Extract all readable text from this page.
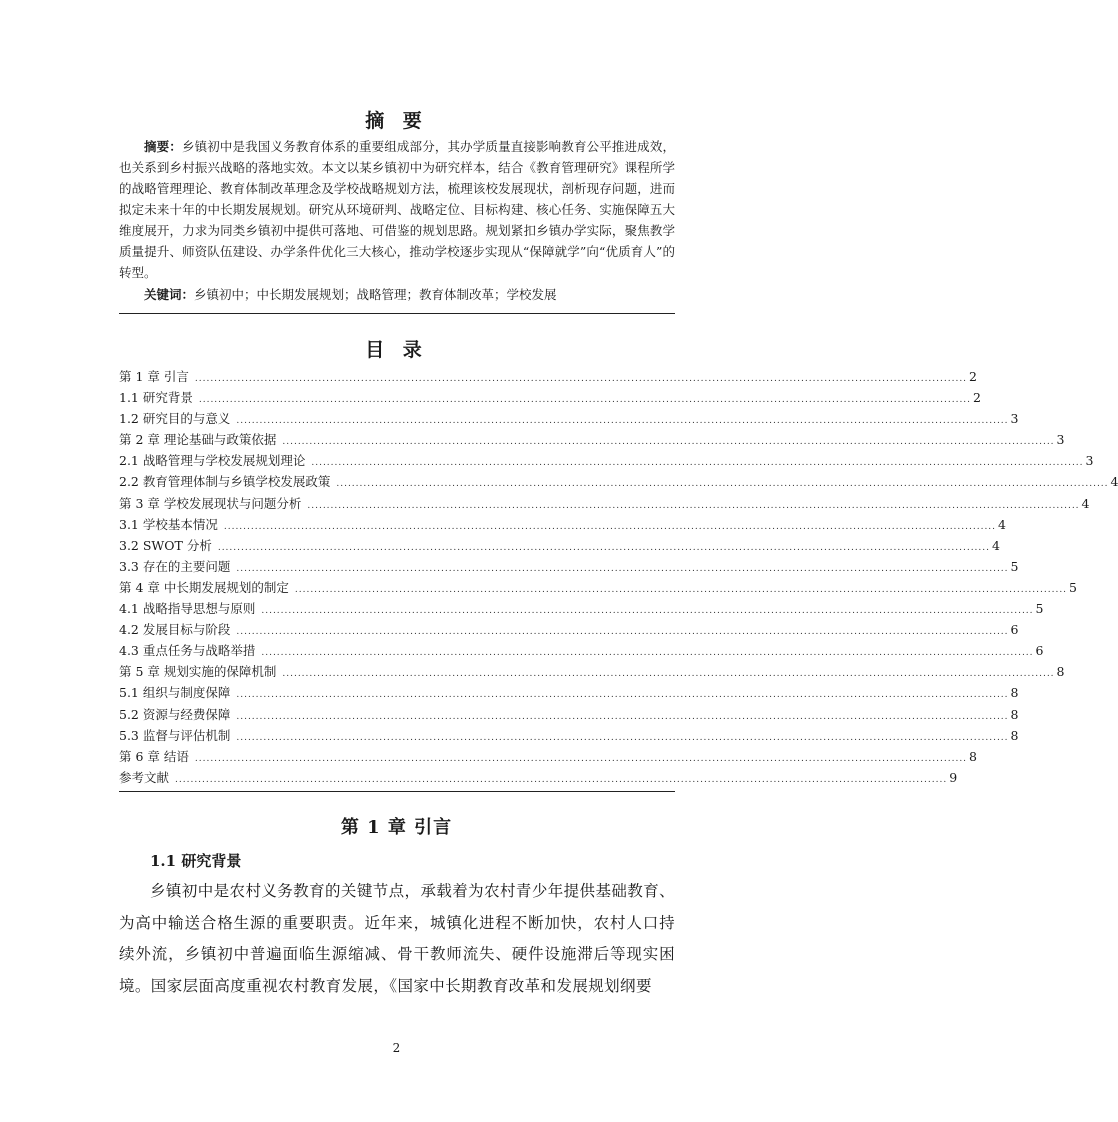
摘 要

摘要：乡镇初中是我国义务教育体系的重要组成部分，其办学质量直接影响教育公平推进成效，也关系到乡村振兴战略的落地实效。本文以某乡镇初中为研究样本，结合《教育管理研究》课程所学的战略管理理论、教育体制改革理念及学校战略规划方法，梳理该校发展现状，剖析现存问题，进而拟定未来十年的中长期发展规划。研究从环境研判、战略定位、目标构建、核心任务、实施保障五大维度展开，力求为同类乡镇初中提供可落地、可借鉴的规划思路。规划紧扣乡镇办学实际，聚焦教学质量提升、师资队伍建设、办学条件优化三大核心，推动学校逐步实现从“保障就学”向“优质育人”的转型。

关键词：乡镇初中；中长期发展规划；战略管理；教育体制改革；学校发展
目 录
第 1 章 引言 ........................................................................................................................................................................................................ 2
1.1 研究背景 ........................................................................................................................................................................................................ 2
1.2 研究目的与意义 ........................................................................................................................................................................................................ 3
第 2 章 理论基础与政策依据 ........................................................................................................................................................................................................ 3
2.1 战略管理与学校发展规划理论 ........................................................................................................................................................................................................ 3
2.2 教育管理体制与乡镇学校发展政策 ........................................................................................................................................................................................................ 4
第 3 章 学校发展现状与问题分析 ........................................................................................................................................................................................................ 4
3.1 学校基本情况 ........................................................................................................................................................................................................ 4
3.2 SWOT 分析 ........................................................................................................................................................................................................ 4
3.3 存在的主要问题 ........................................................................................................................................................................................................ 5
第 4 章 中长期发展规划的制定 ........................................................................................................................................................................................................ 5
4.1 战略指导思想与原则 ........................................................................................................................................................................................................ 5
4.2 发展目标与阶段 ........................................................................................................................................................................................................ 6
4.3 重点任务与战略举措 ........................................................................................................................................................................................................ 6
第 5 章 规划实施的保障机制 ........................................................................................................................................................................................................ 8
5.1 组织与制度保障 ........................................................................................................................................................................................................ 8
5.2 资源与经费保障 ........................................................................................................................................................................................................ 8
5.3 监督与评估机制 ........................................................................................................................................................................................................ 8
第 6 章 结语 ........................................................................................................................................................................................................ 8
参考文献 ........................................................................................................................................................................................................ 9
第 1 章 引言
1.1 研究背景

乡镇初中是农村义务教育的关键节点，承载着为农村青少年提供基础教育、为高中输送合格生源的重要职责。近年来，城镇化进程不断加快，农村人口持续外流，乡镇初中普遍面临生源缩减、骨干教师流失、硬件设施滞后等现实困境。国家层面高度重视农村教育发展，《国家中长期教育改革和发展规划纲要

2
